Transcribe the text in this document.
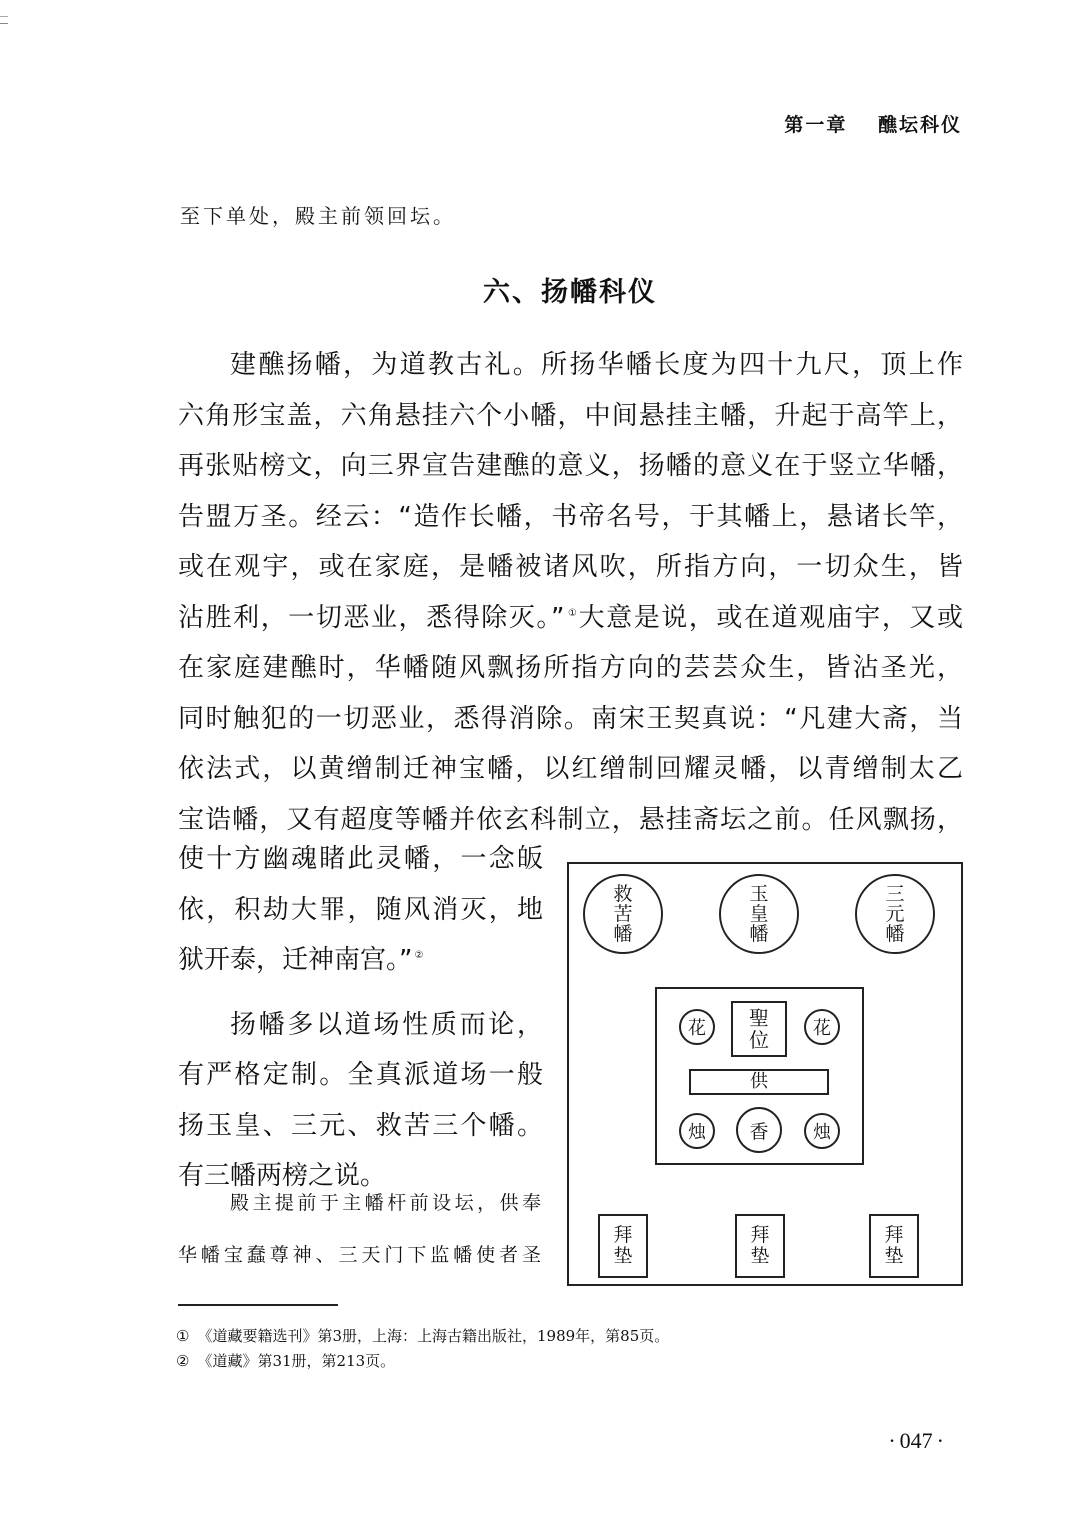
第一章 醮坛科仪
至下单处，殿主前领回坛。
六、扬幡科仪
建醮扬幡，为道教古礼。所扬华幡长度为四十九尺，顶上作
六角形宝盖，六角悬挂六个小幡，中间悬挂主幡，升起于高竿上，
再张贴榜文，向三界宣告建醮的意义，扬幡的意义在于竖立华幡，
告盟万圣。经云：“造作长幡，书帝名号，于其幡上，悬诸长竿，
或在观宇，或在家庭，是幡被诸风吹，所指方向，一切众生，皆
沾胜利，一切恶业，悉得除灭。” ①大意是说，或在道观庙宇，又或
在家庭建醮时，华幡随风飘扬所指方向的芸芸众生，皆沾圣光，
同时触犯的一切恶业，悉得消除。南宋王契真说：“凡建大斋，当
依法式，以黄缯制迁神宝幡，以红缯制回耀灵幡，以青缯制太乙
宝诰幡，又有超度等幡并依玄科制立，悬挂斋坛之前。任风飘扬，
使十方幽魂睹此灵幡，一念皈
依，积劫大罪，随风消灭，地
狱开泰，迁神南宫。” ②
扬幡多以道场性质而论，
有严格定制。全真派道场一般
扬玉皇、三元、救苦三个幡。
有三幡两榜之说。
殿主提前于主幡杆前设坛，供奉
华幡宝蠢尊神、三天门下监幡使者圣
救
苦
幡
玉
皇
幡
三
元
幡
花	聖
位	花
供
烛	香	烛
拜
垫
拜
垫
拜
垫
① 《道藏要籍选刊》第3册，上海：上海古籍出版社，1989年，第85页。
② 《道藏》第31册，第213页。
· 047 ·
